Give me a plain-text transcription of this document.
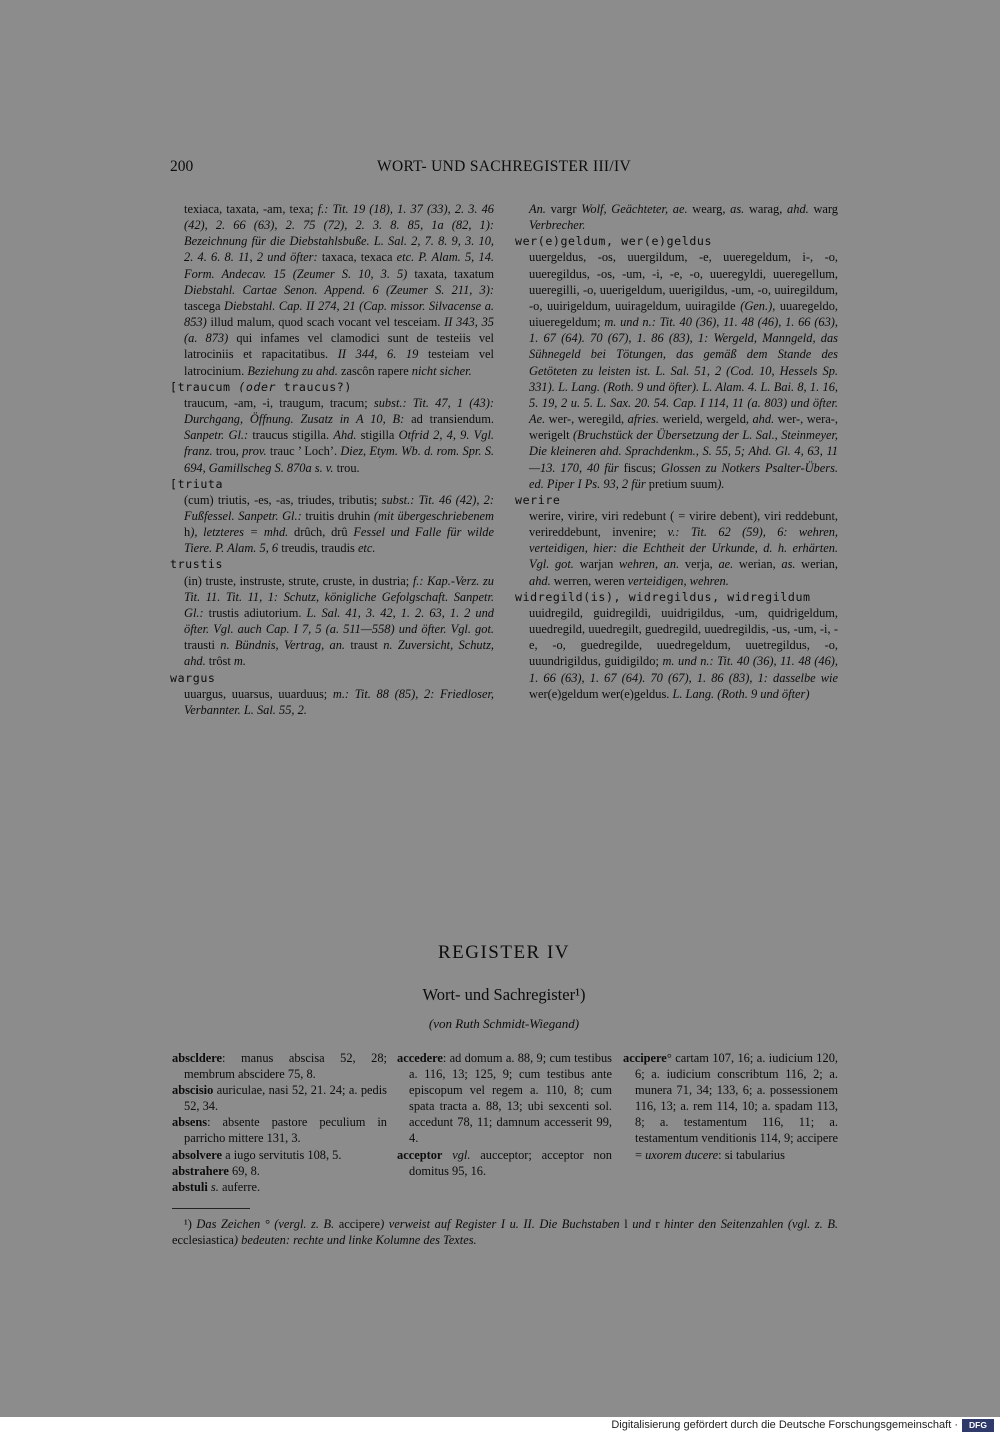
200	WORT- UND SACHREGISTER III/IV

texiaca, taxata, -am, texa; f.: Tit. 19 (18), 1. 37 (33), 2. 3. 46 (42), 2. 66 (63), 2. 75 (72), 2. 3. 8. 85, 1a (82, 1): Bezeichnung für die Diebstahlsbuße. L. Sal. 2, 7. 8. 9, 3. 10, 2. 4. 6. 8. 11, 2 und öfter: taxaca, texaca etc. P. Alam. 5, 14. Form. Andecav. 15 (Zeumer S. 10, 3. 5) taxata, taxatum Diebstahl. Cartae Senon. Append. 6 (Zeumer S. 211, 3): tascega Diebstahl. Cap. II 274, 21 (Cap. missor. Silvacense a. 853) illud malum, quod scach vocant vel tesceiam. II 343, 35 (a. 873) qui infames vel clamodici sunt de testeiis vel latrociniis et rapacitatibus. II 344, 6. 19 testeiam vel latrocinium. Beziehung zu ahd. zascôn rapere nicht sicher.

[traucum (oder traucus?)

traucum, -am, -i, traugum, tracum; subst.: Tit. 47, 1 (43): Durchgang, Öffnung. Zusatz in A 10, B: ad transiendum. Sanpetr. Gl.: traucus stigilla. Ahd. stigilla Otfrid 2, 4, 9. Vgl. franz. trou, prov. trauc ’ Loch’. Diez, Etym. Wb. d. rom. Spr. S. 694, Gamillscheg S. 870a s. v. trou.

[triuta

(cum) triutis, -es, -as, triudes, tributis; subst.: Tit. 46 (42), 2: Fußfessel. Sanpetr. Gl.: truitis druhin (mit übergeschriebenem h), letzteres = mhd. drûch, drû Fessel und Falle für wilde Tiere. P. Alam. 5, 6 treudis, traudis etc.

trustis

(in) truste, instruste, strute, cruste, in dustria; f.: Kap.-Verz. zu Tit. 11. Tit. 11, 1: Schutz, königliche Gefolgschaft. Sanpetr. Gl.: trustis adiutorium. L. Sal. 41, 3. 42, 1. 2. 63, 1. 2 und öfter. Vgl. auch Cap. I 7, 5 (a. 511—558) und öfter. Vgl. got. trausti n. Bündnis, Vertrag, an. traust n. Zuversicht, Schutz, ahd. trôst m.

wargus

uuargus, uuarsus, uuarduus; m.: Tit. 88 (85), 2: Friedloser, Verbannter. L. Sal. 55, 2.

An. vargr Wolf, Geächteter, ae. wearg, as. warag, ahd. warg Verbrecher.

wer(e)geldum, wer(e)geldus

uuergeldus, -os, uuergildum, -e, uueregeldum, i-, -o, uueregildus, -os, -um, -i, -e, -o, uueregyldi, uueregellum, uueregilli, -o, uuerigeldum, uuerigildus, -um, -o, uuiregildum, -o, uuirigeldum, uuirageldum, uuiragilde (Gen.), uuaregeldo, uiueregeldum; m. und n.: Tit. 40 (36), 11. 48 (46), 1. 66 (63), 1. 67 (64). 70 (67), 1. 86 (83), 1: Wergeld, Manngeld, das Sühnegeld bei Tötungen, das gemäß dem Stande des Getöteten zu leisten ist. L. Sal. 51, 2 (Cod. 10, Hessels Sp. 331). L. Lang. (Roth. 9 und öfter). L. Alam. 4. L. Bai. 8, 1. 16, 5. 19, 2 u. 5. L. Sax. 20. 54. Cap. I 114, 11 (a. 803) und öfter. Ae. wer-, weregild, afries. werield, wergeld, ahd. wer-, wera-, werigelt (Bruchstück der Übersetzung der L. Sal., Steinmeyer, Die kleineren ahd. Sprachdenkm., S. 55, 5; Ahd. Gl. 4, 63, 11—13. 170, 40 für fiscus; Glossen zu Notkers Psalter-Übers. ed. Piper I Ps. 93, 2 für pretium suum).

werire

werire, virire, viri redebunt ( = virire debent), viri reddebunt, verireddebunt, invenire; v.: Tit. 62 (59), 6: wehren, verteidigen, hier: die Echtheit der Urkunde, d. h. erhärten. Vgl. got. warjan wehren, an. verja, ae. werian, as. werian, ahd. werren, weren verteidigen, wehren.

widregild(is), widregildus, widregildum

uuidregild, guidregildi, uuidrigildus, -um, quidrigeldum, uuedregild, uuedregilt, guedregild, uuedregildis, -us, -um, -i, -e, -o, guedregilde, uuedregeldum, uuetregildus, -o, uuundrigildus, guidigildo; m. und n.: Tit. 40 (36), 11. 48 (46), 1. 66 (63), 1. 67 (64). 70 (67), 1. 86 (83), 1: dasselbe wie wer(e)geldum wer(e)geldus. L. Lang. (Roth. 9 und öfter)

REGISTER IV
Wort- und Sachregister¹)
(von Ruth Schmidt-Wiegand)

abscldere: manus abscisa 52, 28; membrum abscidere 75, 8.

abscisio auriculae, nasi 52, 21. 24; a. pedis 52, 34.

absens: absente pastore peculium in parricho mittere 131, 3.

absolvere a iugo servitutis 108, 5.

abstrahere 69, 8.

abstuli s. auferre.

accedere: ad domum a. 88, 9; cum testibus a. 116, 13; 125, 9; cum testibus ante episcopum vel regem a. 110, 8; cum spata tracta a. 88, 13; ubi sexcenti sol. accedunt 78, 11; damnum accesserit 99, 4.

acceptor vgl. aucceptor; acceptor non domitus 95, 16.

accipere° cartam 107, 16; a. iudicium 120, 6; a. iudicium conscribtum 116, 2; a. munera 71, 34; 133, 6; a. possessionem 116, 13; a. rem 114, 10; a. spadam 113, 8; a. testamentum 116, 11; a. testamentum venditionis 114, 9; accipere = uxorem ducere: si tabularius

¹) Das Zeichen ° (vergl. z. B. accipere) verweist auf Register I u. II. Die Buchstaben l und r hinter den Seitenzahlen (vgl. z. B. ecclesiastica) bedeuten: rechte und linke Kolumne des Textes.
Digitalisierung gefördert durch die Deutsche Forschungsgemeinschaft ·	DFG
